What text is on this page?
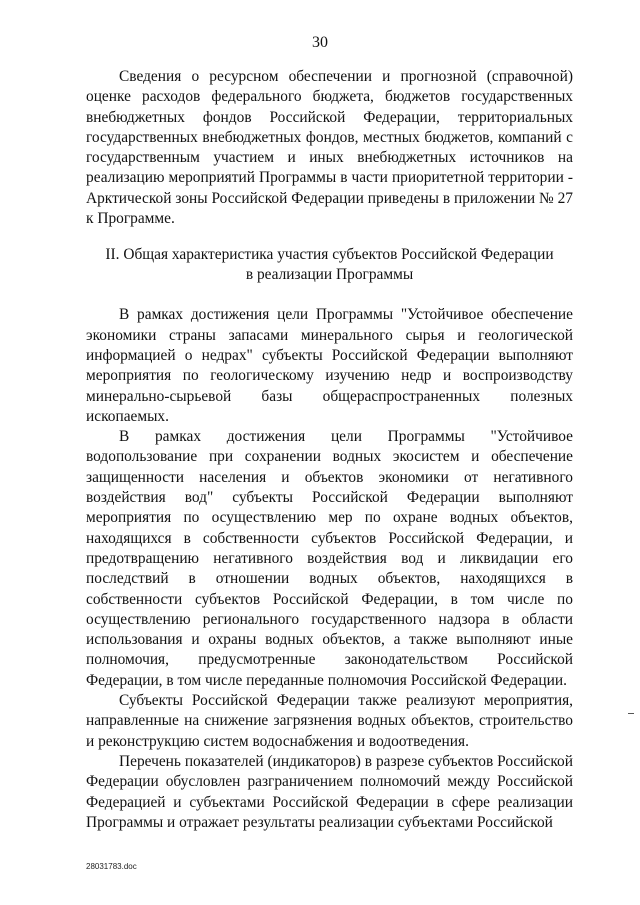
30

Сведения о ресурсном обеспечении и прогнозной (справочной) оценке расходов федерального бюджета, бюджетов государственных внебюджетных фондов Российской Федерации, территориальных государственных внебюджетных фондов, местных бюджетов, компаний с государственным участием и иных внебюджетных источников на реализацию мероприятий Программы в части приоритетной территории - Арктической зоны Российской Федерации приведены в приложении № 27 к Программе.

II. Общая характеристика участия субъектов Российской Федерации
в реализации Программы

В рамках достижения цели Программы "Устойчивое обеспечение экономики страны запасами минерального сырья и геологической информацией о недрах" субъекты Российской Федерации выполняют мероприятия по геологическому изучению недр и воспроизводству минерально-сырьевой базы общераспространенных полезных ископаемых.

В рамках достижения цели Программы "Устойчивое водопользование при сохранении водных экосистем и обеспечение защищенности населения и объектов экономики от негативного воздействия вод" субъекты Российской Федерации выполняют мероприятия по осуществлению мер по охране водных объектов, находящихся в собственности субъектов Российской Федерации, и предотвращению негативного воздействия вод и ликвидации его последствий в отношении водных объектов, находящихся в собственности субъектов Российской Федерации, в том числе по осуществлению регионального государственного надзора в области использования и охраны водных объектов, а также выполняют иные полномочия, предусмотренные законодательством Российской Федерации, в том числе переданные полномочия Российской Федерации.

Субъекты Российской Федерации также реализуют мероприятия, направленные на снижение загрязнения водных объектов, строительство и реконструкцию систем водоснабжения и водоотведения.

Перечень показателей (индикаторов) в разрезе субъектов Российской Федерации обусловлен разграничением полномочий между Российской Федерацией и субъектами Российской Федерации в сфере реализации Программы и отражает результаты реализации субъектами Российской

28031783.doc
